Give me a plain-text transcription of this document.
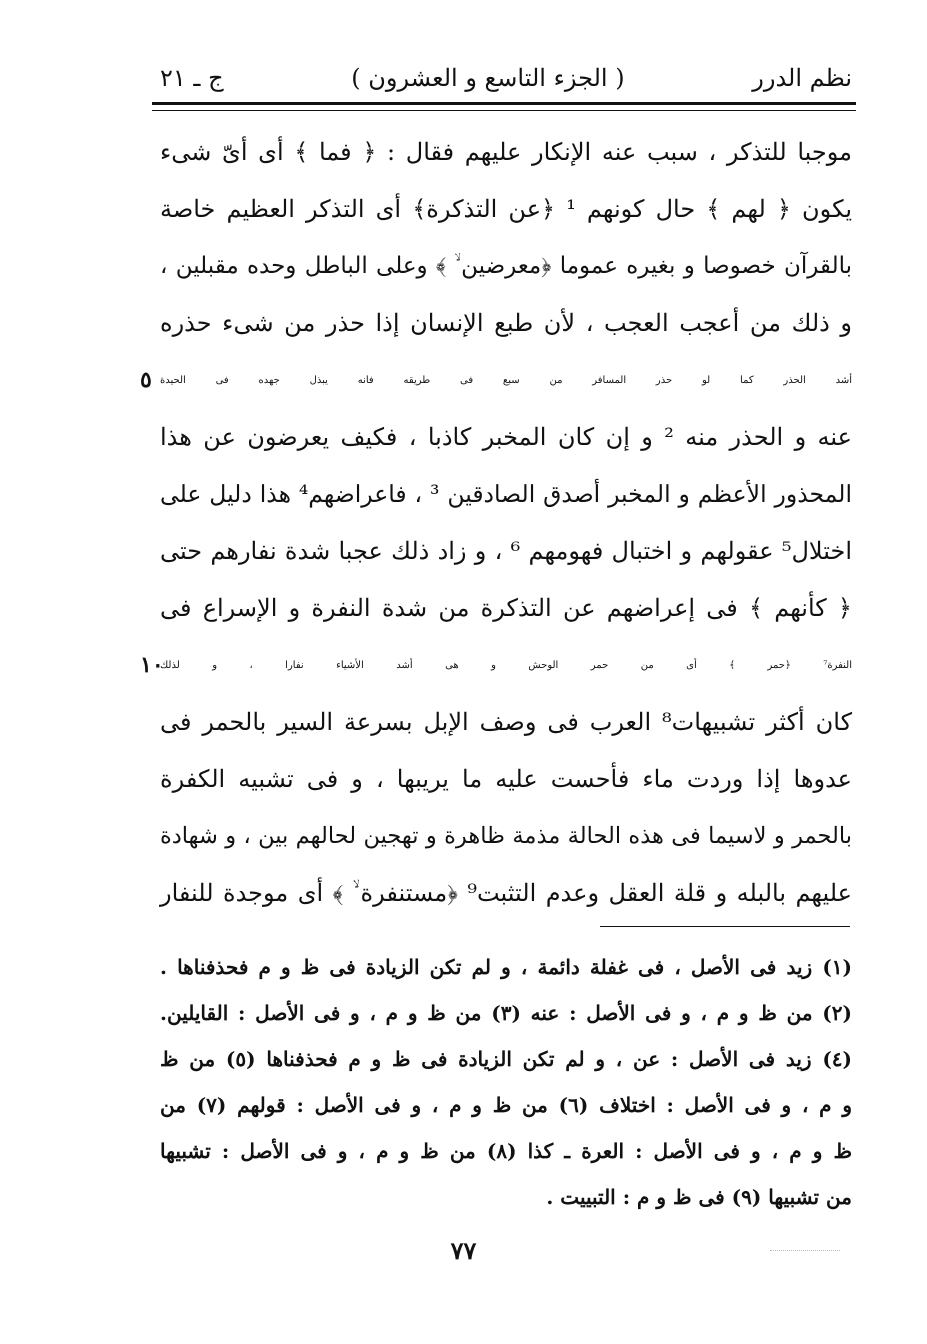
نظم الدرر
( الجزء التاسع و العشرون )
ج ـ ٢١
موجبا للتذكر ، سبب عنه الإنكار عليهم فقال : ﴿ فما ﴾ أى أىّ شىء
يكون ﴿ لهم ﴾ حال كونهم ¹ ﴿عن التذكرة﴾ أى التذكر العظيم خاصة
بالقرآن خصوصا و بغيره عموما ﴿معرضين ۙ ﴾ وعلى الباطل وحده مقبلين ،
و ذلك من أعجب العجب ، لأن طبع الإنسان إذا حذر من شىء حذره
أشد الحذر كما لو حذر المسافر من سبع فى طريقه فانه يبذل جهده فى الحيدة
٥
عنه و الحذر منه ² و إن كان المخبر كاذبا ، فكيف يعرضون عن هذا
المحذور الأعظم و المخبر أصدق الصادقين ³ ، فاعراضهم⁴ هذا دليل على
اختلال⁵ عقولهم و اختبال فهومهم ⁶ ، و زاد ذلك عجبا شدة نفارهم حتى
﴿ كأنهم ﴾ فى إعراضهم عن التذكرة من شدة النفرة و الإسراع فى
النفرة⁷ ﴿حمر ﴾ أى من حمر الوحش و هى أشد الأشياء نفارا ، و لذلك
١٠
كان أكثر تشبيهات⁸ العرب فى وصف الإبل بسرعة السير بالحمر فى
عدوها إذا وردت ماء فأحست عليه ما يريبها ، و فى تشبيه الكفرة
بالحمر و لاسيما فى هذه الحالة مذمة ظاهرة و تهجين لحالهم بين ، و شهادة
عليهم بالبله و قلة العقل وعدم التثبت⁹ ﴿مستنفرة ۙ ﴾ أى موجدة للنفار
(١) زيد فى الأصل ، فى غفلة دائمة ، و لم تكن الزيادة فى ظ و م فحذفناها .
(٢) من ظ و م ، و فى الأصل : عنه (٣) من ظ و م ، و فى الأصل : القايلين.
(٤) زيد فى الأصل : عن ، و لم تكن الزيادة فى ظ و م فحذفناها (٥) من ظ
و م ، و فى الأصل : اختلاف (٦) من ظ و م ، و فى الأصل : قولهم (٧) من
ظ و م ، و فى الأصل : العرة ـ كذا (٨) من ظ و م ، و فى الأصل : تشبيها
من تشبيها (٩) فى ظ و م : التبييت .
٧٧
